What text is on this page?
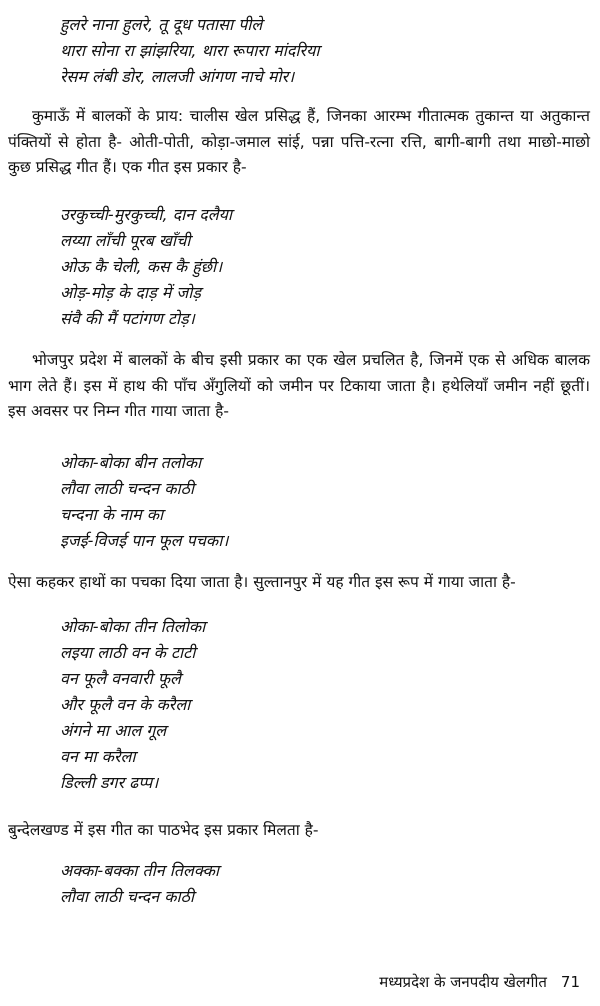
हुलरे नाना हुलरे, तू दूध पतासा पीले
थारा सोना रा झांझरिया, थारा रूपारा मांदरिया
रेसम लंबी डोर, लालजी आंगण नाचे मोर।

कुमाऊँ में बालकों के प्राय: चालीस खेल प्रसिद्ध हैं, जिनका आरम्भ गीतात्मक तुकान्त या अतुकान्त पंक्तियों से होता है- ओती-पोती, कोड़ा-जमाल सांई, पन्ना पत्ति-रत्ना रत्ति, बागी-बागी तथा माछो-माछो कुछ प्रसिद्ध गीत हैं। एक गीत इस प्रकार है-

उरकुच्ची-मुरकुच्ची, दान दलैया
लय्या लाँची पूरब खाँची
ओऊ कै चेली, कस कै हुंछी।
ओड़-मोड़ के दाड़ में जोड़
संवै की मैं पटांगण टोड़।

भोजपुर प्रदेश में बालकों के बीच इसी प्रकार का एक खेल प्रचलित है, जिनमें एक से अधिक बालक भाग लेते हैं। इस में हाथ की पाँच अँगुलियों को जमीन पर टिकाया जाता है। हथेलियाँ जमीन नहीं छूतीं। इस अवसर पर निम्न गीत गाया जाता है-

ओका-बोका बीन तलोका
लौवा लाठी चन्दन काठी
चन्दना के नाम का
इजई-विजई पान फूल पचका।

ऐसा कहकर हाथों का पचका दिया जाता है। सुल्तानपुर में यह गीत इस रूप में गाया जाता है-

ओका-बोका तीन तिलोका
लइया लाठी वन के टाटी
वन फूलै वनवारी फूलै
और फूलै वन के करैला
अंगने मा आल गूल
वन मा करैला
डिल्ली डगर ढप्प।

बुन्देलखण्ड में इस गीत का पाठभेद इस प्रकार मिलता है-

अक्का-बक्का तीन तिलक्का
लौवा लाठी चन्दन काठी
मध्यप्रदेश के जनपदीय खेलगीत 71
